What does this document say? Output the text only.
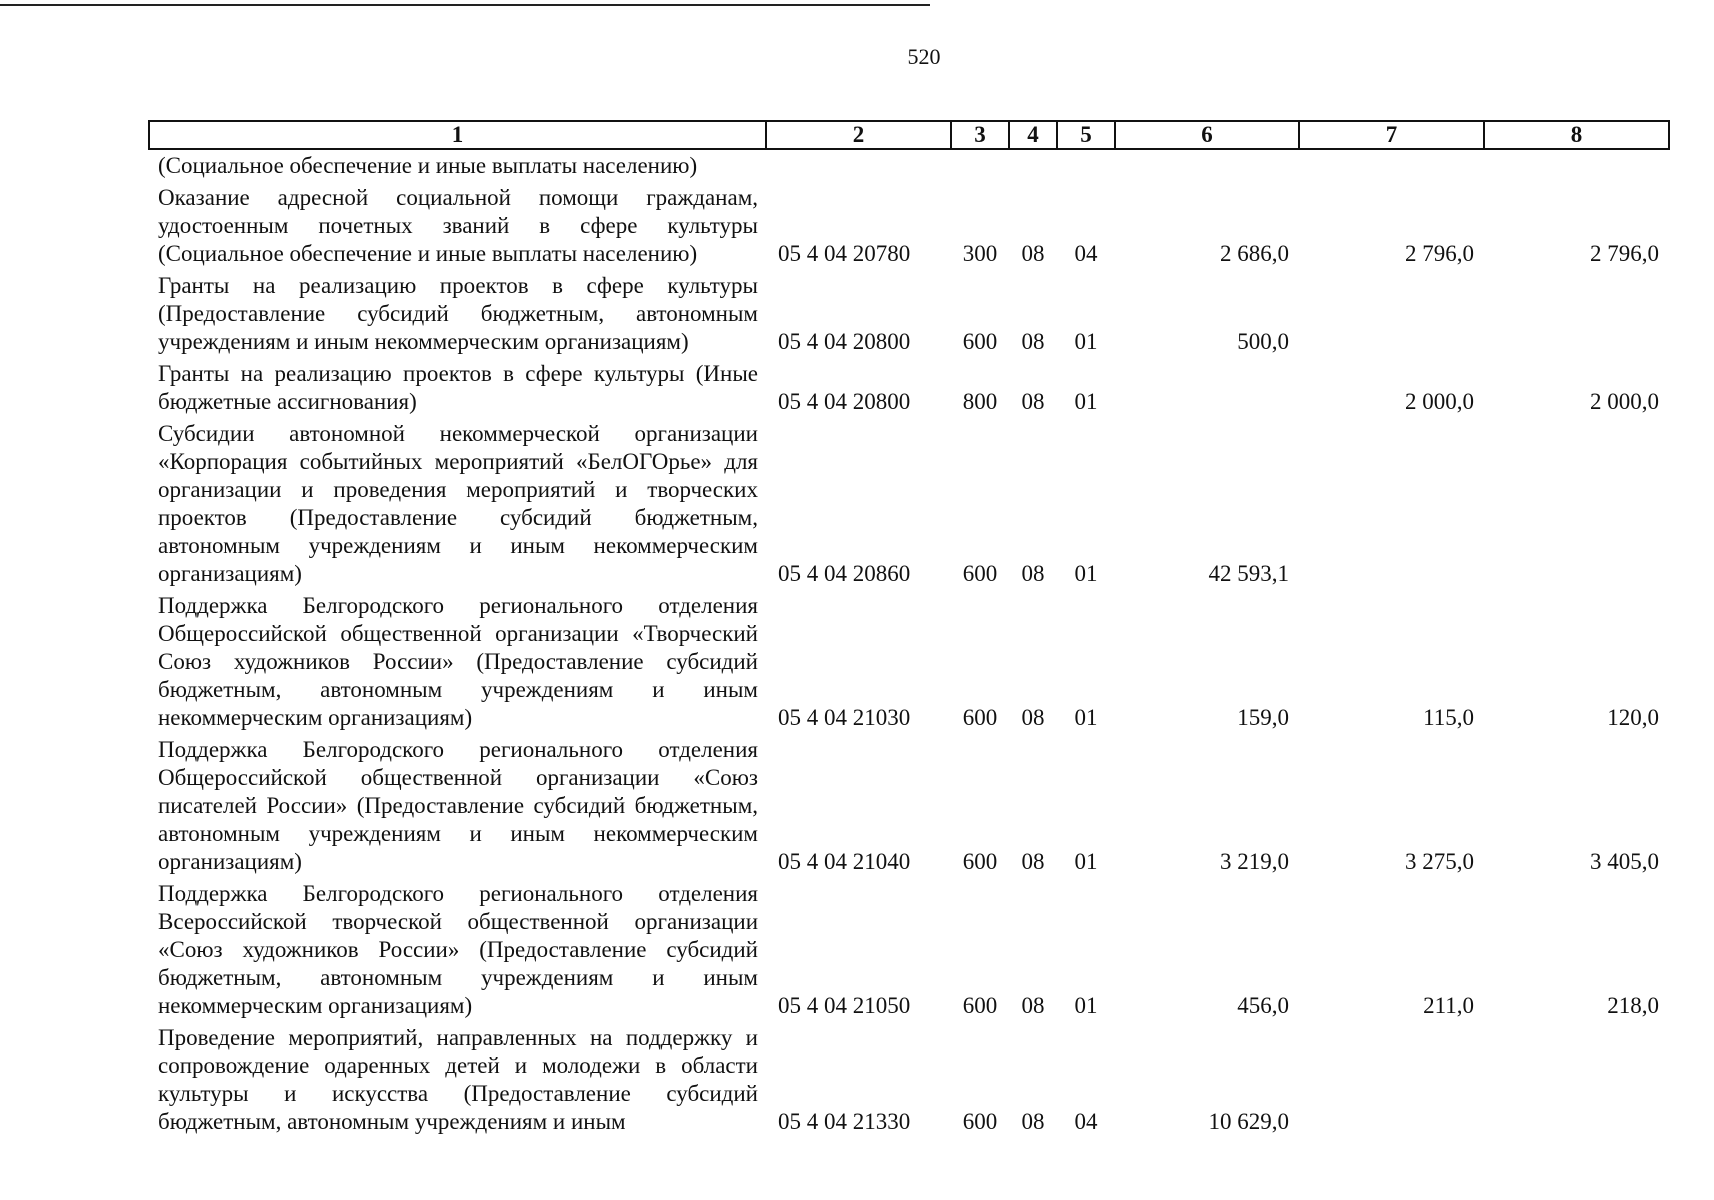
520
1	2	3	4	5	6	7	8
(Социальное обеспечение и иные выплаты населению)							
Оказание адресной социальной помощи гражданам, удостоенным почетных званий в сфере культуры (Социальное обеспечение и иные выплаты населению)	05 4 04 20780	300	08	04	2 686,0	2 796,0	2 796,0
Гранты на реализацию проектов в сфере культуры (Предоставление субсидий бюджетным, автономным учреждениям и иным некоммерческим организациям)	05 4 04 20800	600	08	01	500,0		
Гранты на реализацию проектов в сфере культуры (Иные бюджетные ассигнования)	05 4 04 20800	800	08	01		2 000,0	2 000,0
Субсидии автономной некоммерческой организации «Корпорация событийных мероприятий «БелОГОрье» для организации и проведения мероприятий и творческих проектов (Предоставление субсидий бюджетным, автономным учреждениям и иным некоммерческим организациям)	05 4 04 20860	600	08	01	42 593,1		
Поддержка Белгородского регионального отделения Общероссийской общественной организации «Творческий Союз художников России» (Предоставление субсидий бюджетным, автономным учреждениям и иным некоммерческим организациям)	05 4 04 21030	600	08	01	159,0	115,0	120,0
Поддержка Белгородского регионального отделения Общероссийской общественной организации «Союз писателей России» (Предоставление субсидий бюджетным, автономным учреждениям и иным некоммерческим организациям)	05 4 04 21040	600	08	01	3 219,0	3 275,0	3 405,0
Поддержка Белгородского регионального отделения Всероссийской творческой общественной организации «Союз художников России» (Предоставление субсидий бюджетным, автономным учреждениям и иным некоммерческим организациям)	05 4 04 21050	600	08	01	456,0	211,0	218,0
Проведение мероприятий, направленных на поддержку и сопровождение одаренных детей и молодежи в области культуры и искусства (Предоставление субсидий бюджетным, автономным учреждениям и иным	05 4 04 21330	600	08	04	10 629,0		
